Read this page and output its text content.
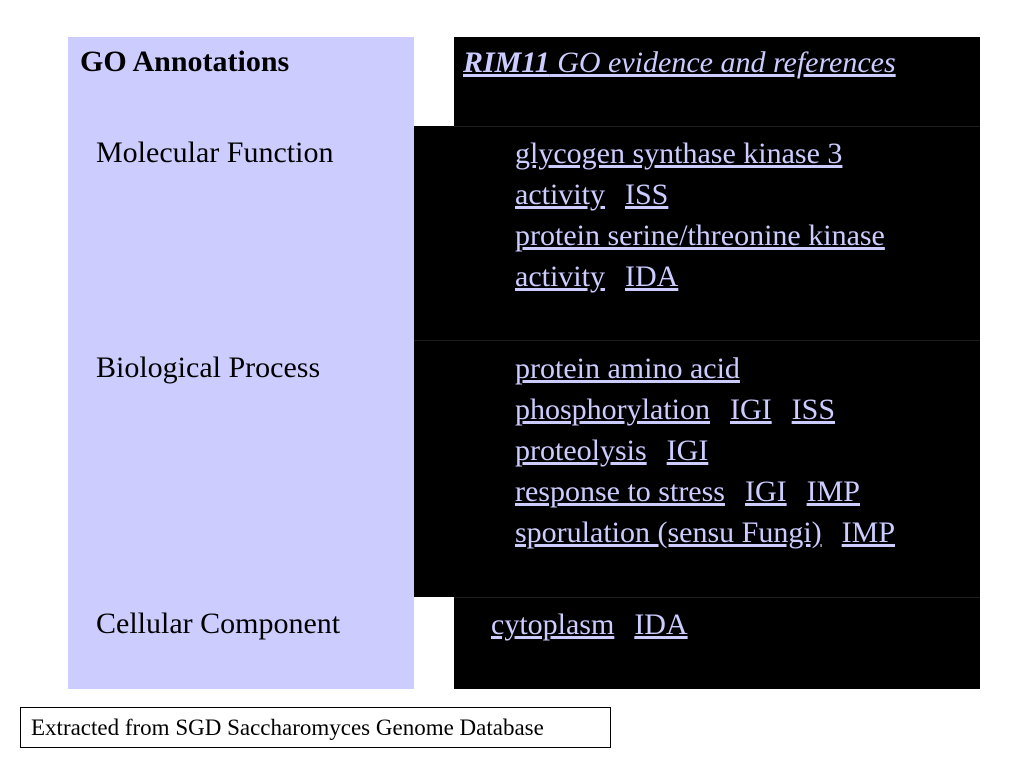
GO Annotations	RIM11 GO evidence and references
Molecular Function
Biological Process
Cellular Component
glycogen synthase kinase 3
activity ISS
protein serine/threonine kinase
activity IDA
protein amino acid
phosphorylation IGI ISS
proteolysis IGI
response to stress IGI IMP
sporulation (sensu Fungi) IMP
cytoplasm IDA
Extracted from SGD Saccharomyces Genome Database
